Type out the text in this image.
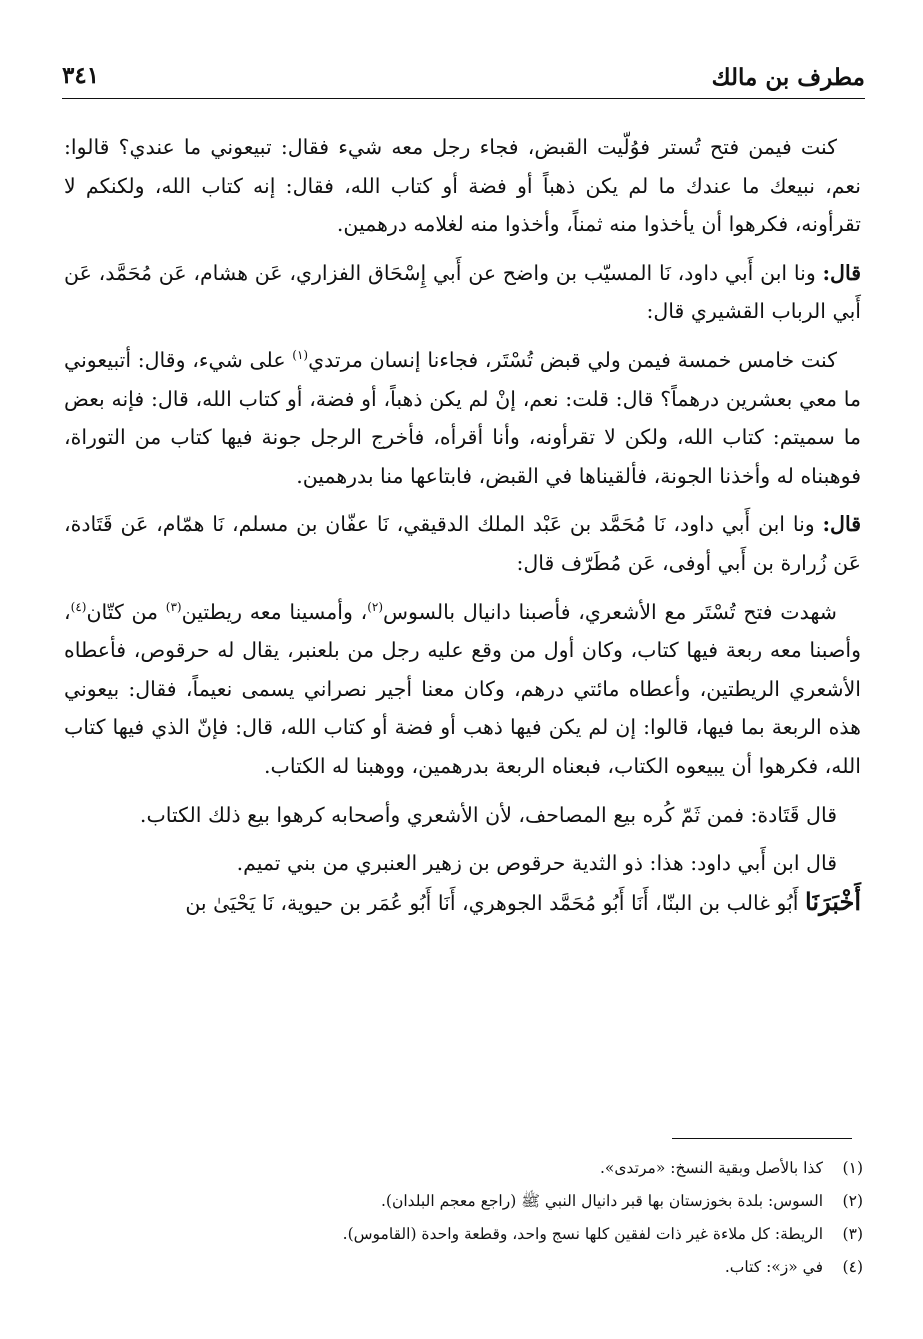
مطرف بن مالك
٣٤١

كنت فيمن فتح تُستر فوُلّيت القبض، فجاء رجل معه شيء فقال: تبيعوني ما عندي؟ قالوا: نعم، نبيعك ما عندك ما لم يكن ذهباً أو فضة أو كتاب الله، فقال: إنه كتاب الله، ولكنكم لا تقرأونه، فكرهوا أن يأخذوا منه ثمناً، وأخذوا منه لغلامه درهمين.

قال: ونا ابن أَبي داود، نَا المسيّب بن واضح عن أَبي إِسْحَاق الفزاري، عَن هشام، عَن مُحَمَّد، عَن أَبي الرباب القشيري قال:

كنت خامس خمسة فيمن ولي قبض تُسْتَر، فجاءنا إنسان مرتدي$^{(١)}$ على شيء، وقال: أتبيعوني ما معي بعشرين درهماً؟ قال: قلت: نعم، إنْ لم يكن ذهباً، أو فضة، أو كتاب الله، قال: فإنه بعض ما سميتم: كتاب الله، ولكن لا تقرأونه، وأنا أقرأه، فأخرج الرجل جونة فيها كتاب من التوراة، فوهبناه له وأخذنا الجونة، فألقيناها في القبض، فابتاعها منا بدرهمين.

قال: ونا ابن أَبي داود، نَا مُحَمَّد بن عَبْد الملك الدقيقي، نَا عفّان بن مسلم، نَا همّام، عَن قَتَادة، عَن زُرارة بن أَبي أوفى، عَن مُطَرّف قال:

شهدت فتح تُسْتَر مع الأشعري، فأصبنا دانيال بالسوس$^{(٢)}$، وأمسينا معه ريطتين$^{(٣)}$ من كتّان$^{(٤)}$، وأصبنا معه ربعة فيها كتاب، وكان أول من وقع عليه رجل من بلعنبر، يقال له حرقوص، فأعطاه الأشعري الريطتين، وأعطاه مائتي درهم، وكان معنا أجير نصراني يسمى نعيماً، فقال: بيعوني هذه الربعة بما فيها، قالوا: إن لم يكن فيها ذهب أو فضة أو كتاب الله، قال: فإنّ الذي فيها كتاب الله، فكرهوا أن يبيعوه الكتاب، فبعناه الربعة بدرهمين، ووهبنا له الكتاب.

قال قَتَادة: فمن ثَمّ كُره بيع المصاحف، لأن الأشعري وأصحابه كرهوا بيع ذلك الكتاب.

قال ابن أَبي داود: هذا: ذو الثدية حرقوص بن زهير العنبري من بني تميم.

أَخْبَرَنَا أَبُو غالب بن البنّا، أَنَا أَبُو مُحَمَّد الجوهري، أَنَا أَبُو عُمَر بن حيوية، نَا يَحْيَىٰ بن

(١)كذا بالأصل وبقية النسخ: «مرتدى».
(٢)السوس: بلدة بخوزستان بها قبر دانيال النبي ﷺ (راجع معجم البلدان).
(٣)الريطة: كل ملاءة غير ذات لفقين كلها نسج واحد، وقطعة واحدة (القاموس).
(٤)في «ز»: كتاب.
